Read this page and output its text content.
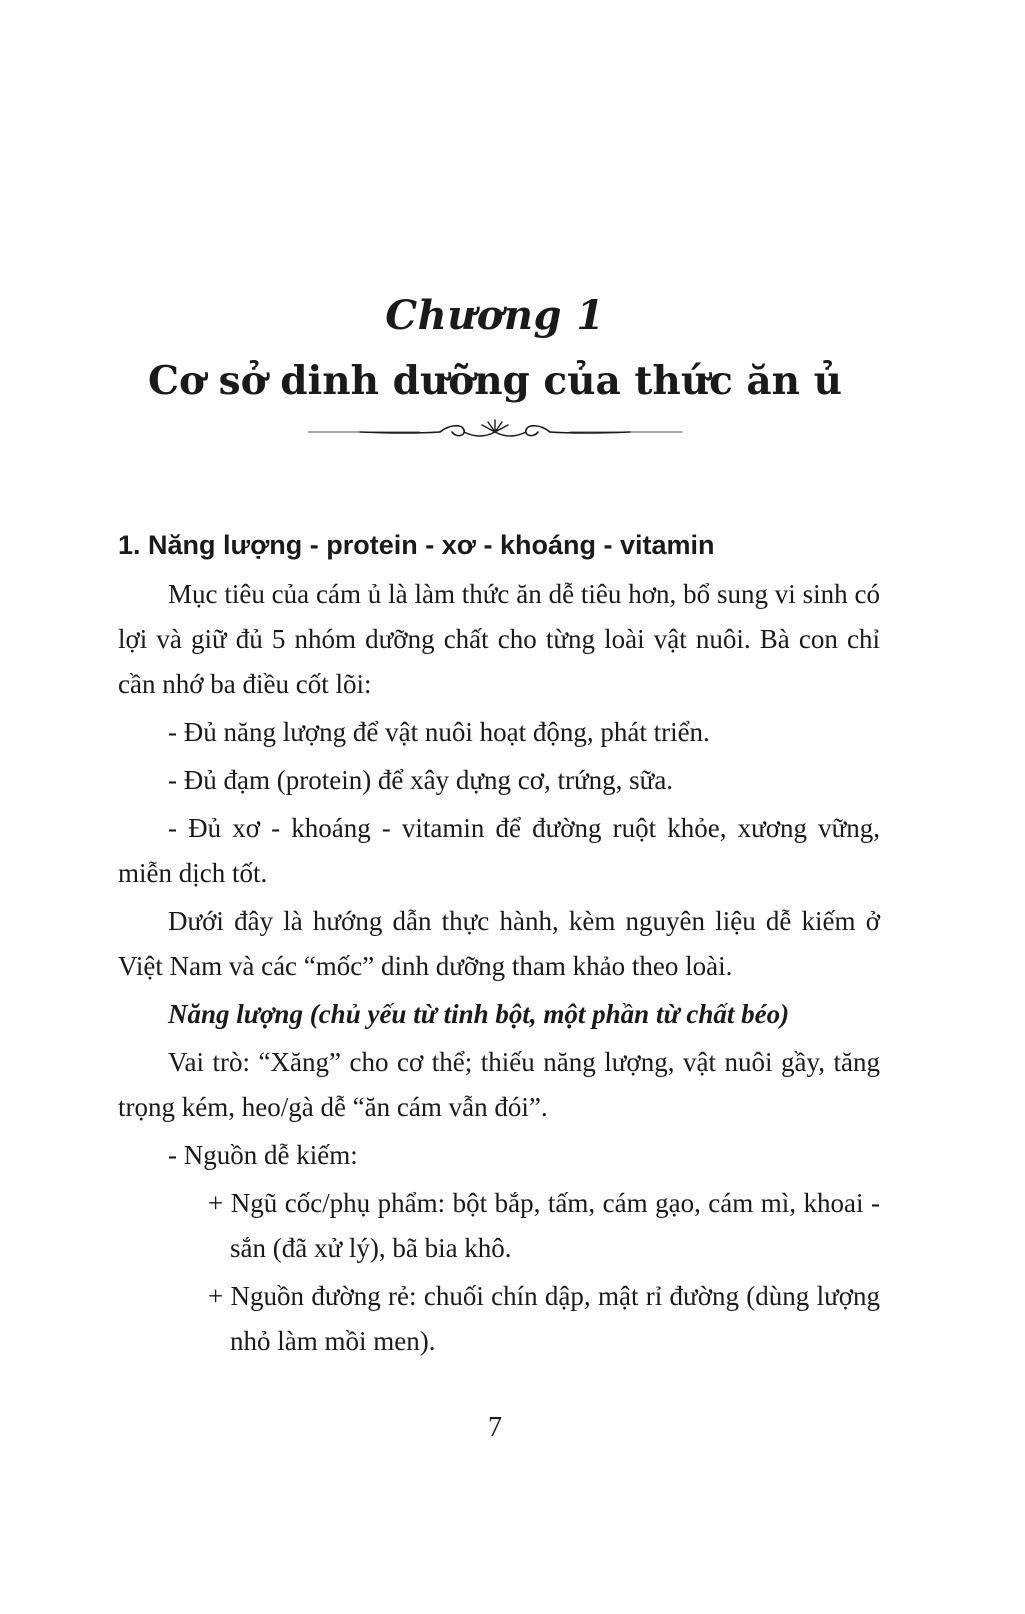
Chương 1
Cơ sở dinh dưỡng của thức ăn ủ
1. Năng lượng - protein - xơ - khoáng - vitamin

Mục tiêu của cám ủ là làm thức ăn dễ tiêu hơn, bổ sung vi sinh có lợi và giữ đủ 5 nhóm dưỡng chất cho từng loài vật nuôi. Bà con chỉ cần nhớ ba điều cốt lõi:

- Đủ năng lượng để vật nuôi hoạt động, phát triển.

- Đủ đạm (protein) để xây dựng cơ, trứng, sữa.

- Đủ xơ - khoáng - vitamin để đường ruột khỏe, xương vững, miễn dịch tốt.

Dưới đây là hướng dẫn thực hành, kèm nguyên liệu dễ kiếm ở Việt Nam và các “mốc” dinh dưỡng tham khảo theo loài.

Năng lượng (chủ yếu từ tinh bột, một phần từ chất béo)

Vai trò: “Xăng” cho cơ thể; thiếu năng lượng, vật nuôi gầy, tăng trọng kém, heo/gà dễ “ăn cám vẫn đói”.

- Nguồn dễ kiếm:

+ Ngũ cốc/phụ phẩm: bột bắp, tấm, cám gạo, cám mì, khoai - sắn (đã xử lý), bã bia khô.

+ Nguồn đường rẻ: chuối chín dập, mật rỉ đường (dùng lượng nhỏ làm mồi men).

7
